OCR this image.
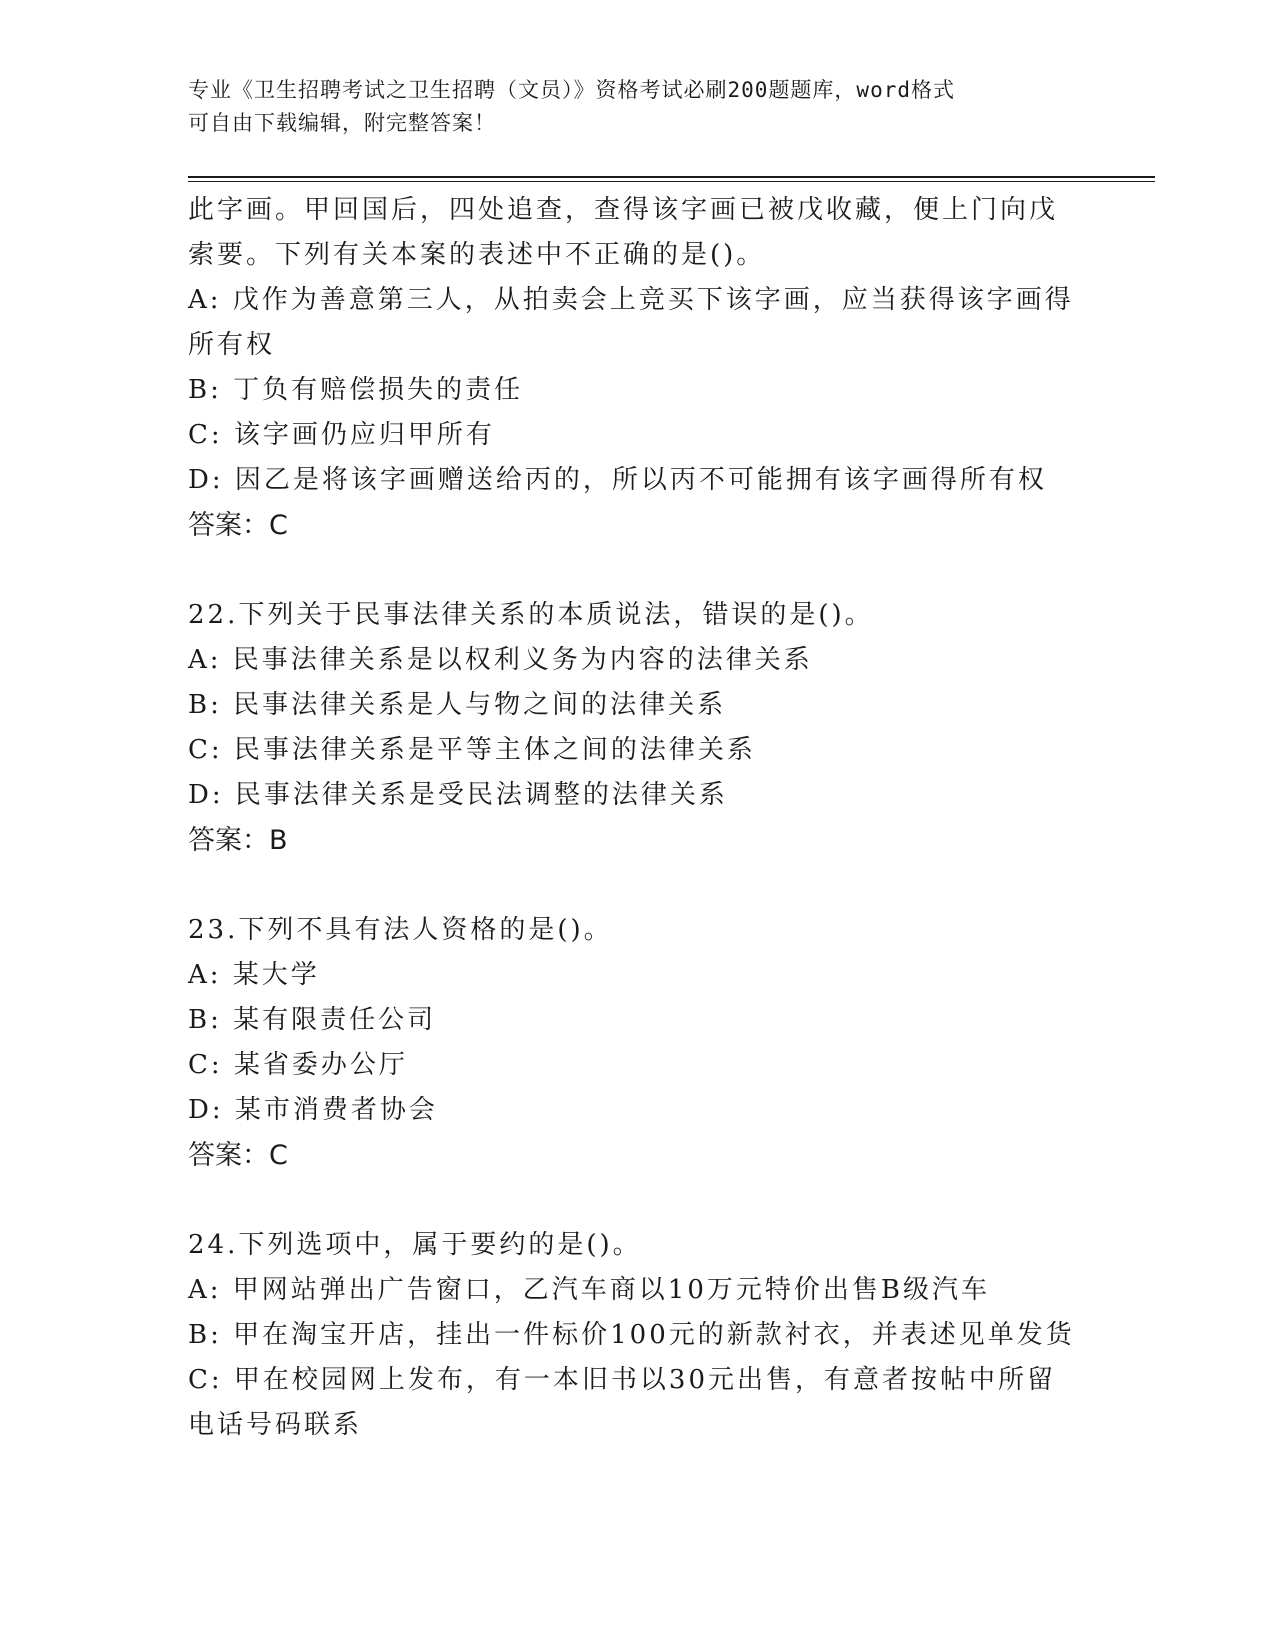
专业《卫生招聘考试之卫生招聘（文员）》资格考试必刷200题题库，word格式
可自由下载编辑，附完整答案！
此字画。甲回国后，四处追查，查得该字画已被戊收藏，便上门向戊
索要。下列有关本案的表述中不正确的是()。
A: 戊作为善意第三人，从拍卖会上竞买下该字画，应当获得该字画得
所有权
B: 丁负有赔偿损失的责任
C: 该字画仍应归甲所有
D: 因乙是将该字画赠送给丙的，所以丙不可能拥有该字画得所有权
答案：C
22.下列关于民事法律关系的本质说法，错误的是()。
A: 民事法律关系是以权利义务为内容的法律关系
B: 民事法律关系是人与物之间的法律关系
C: 民事法律关系是平等主体之间的法律关系
D: 民事法律关系是受民法调整的法律关系
答案：B
23.下列不具有法人资格的是()。
A: 某大学
B: 某有限责任公司
C: 某省委办公厅
D: 某市消费者协会
答案：C
24.下列选项中，属于要约的是()。
A: 甲网站弹出广告窗口，乙汽车商以10万元特价出售B级汽车
B: 甲在淘宝开店，挂出一件标价100元的新款衬衣，并表述见单发货
C: 甲在校园网上发布，有一本旧书以30元出售，有意者按帖中所留
电话号码联系
